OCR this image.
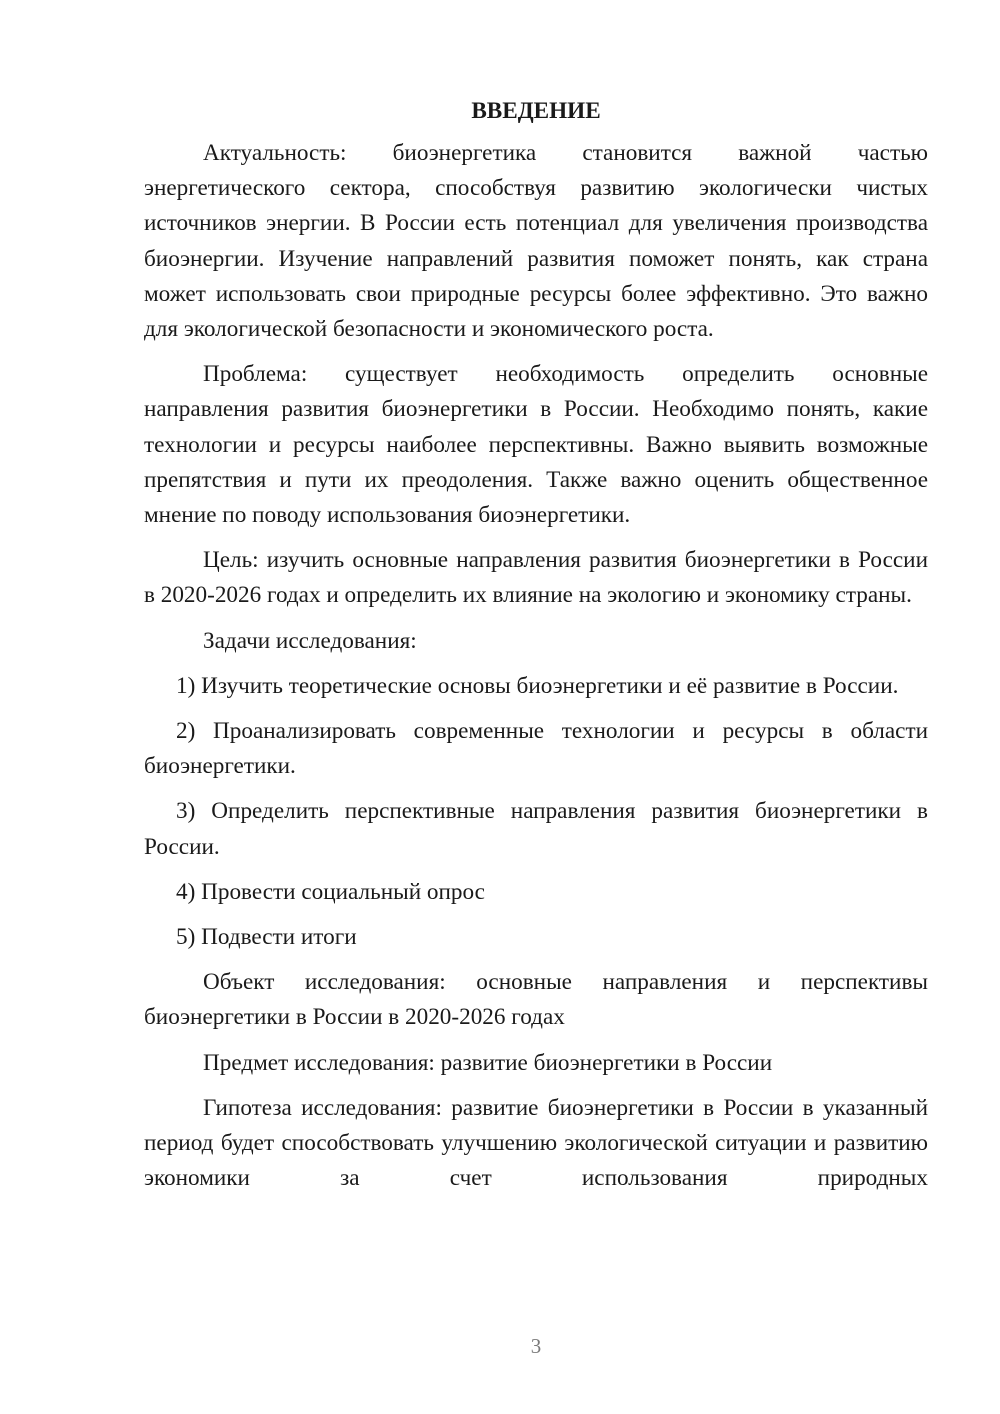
ВВЕДЕНИЕ

Актуальность: биоэнергетика становится важной частью энергетического сектора, способствуя развитию экологически чистых источников энергии. В России есть потенциал для увеличения производства биоэнергии. Изучение направлений развития поможет понять, как страна может использовать свои природные ресурсы более эффективно. Это важно для экологической безопасности и экономического роста.

Проблема: существует необходимость определить основные направления развития биоэнергетики в России. Необходимо понять, какие технологии и ресурсы наиболее перспективны. Важно выявить возможные препятствия и пути их преодоления. Также важно оценить общественное мнение по поводу использования биоэнергетики.

Цель: изучить основные направления развития биоэнергетики в России в 2020-2026 годах и определить их влияние на экологию и экономику страны.

Задачи исследования:

1) Изучить теоретические основы биоэнергетики и её развитие в России.

2) Проанализировать современные технологии и ресурсы в области биоэнергетики.

3) Определить перспективные направления развития биоэнергетики в России.

4) Провести социальный опрос

5) Подвести итоги

Объект исследования: основные направления и перспективы биоэнергетики в России в 2020-2026 годах

Предмет исследования: развитие биоэнергетики в России

Гипотеза исследования: развитие биоэнергетики в России в указанный период будет способствовать улучшению экологической ситуации и развитию экономики за счет использования природных

3
